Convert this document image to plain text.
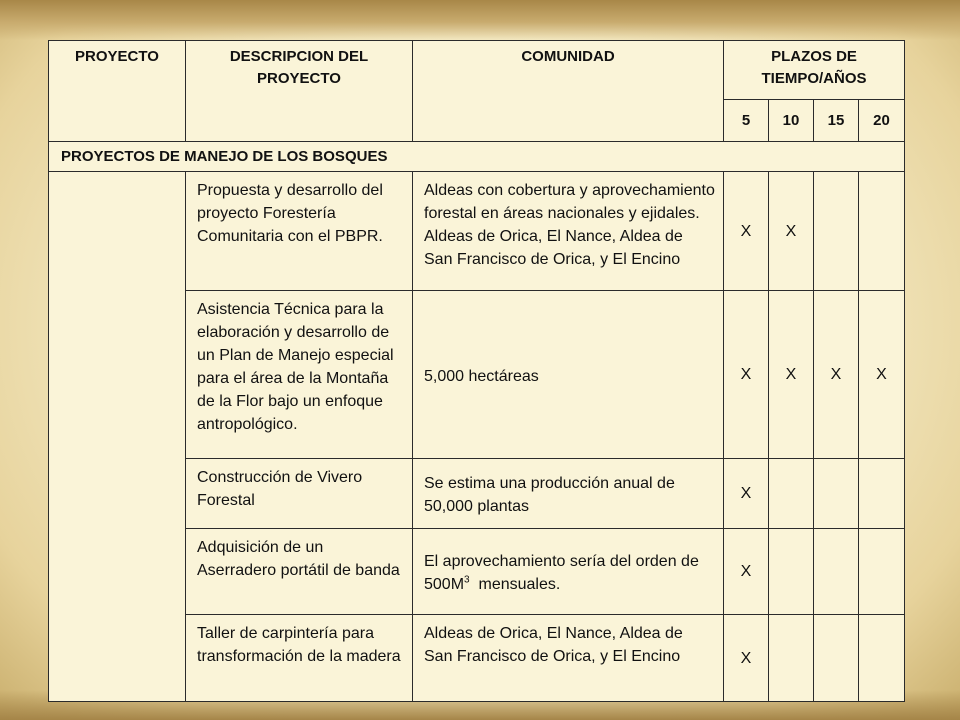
PROYECTO	DESCRIPCION DEL PROYECTO	COMUNIDAD	PLAZOS DE TIEMPO/AÑOS			
			5	10	15	20
PROYECTOS DE MANEJO DE LOS BOSQUES						
	Propuesta y desarrollo del proyecto Forestería Comunitaria con el PBPR.	Aldeas con cobertura y aprovechamiento forestal en áreas nacionales y ejidales. Aldeas de Orica, El Nance, Aldea de San Francisco de Orica, y El Encino	X	X		
	Asistencia Técnica para la elaboración y desarrollo de un Plan de Manejo especial para el área de la Montaña de la Flor bajo un enfoque antropológico.	5,000 hectáreas	X	X	X	X
	Construcción de Vivero Forestal	Se estima una producción anual de 50,000 plantas	X			
	Adquisición de un Aserradero portátil de banda	El aprovechamiento sería del orden de $500M^3$  mensuales.	X			
	Taller de carpintería para transformación de la madera	Aldeas de Orica, El Nance, Aldea de San Francisco de Orica, y El Encino	X			
